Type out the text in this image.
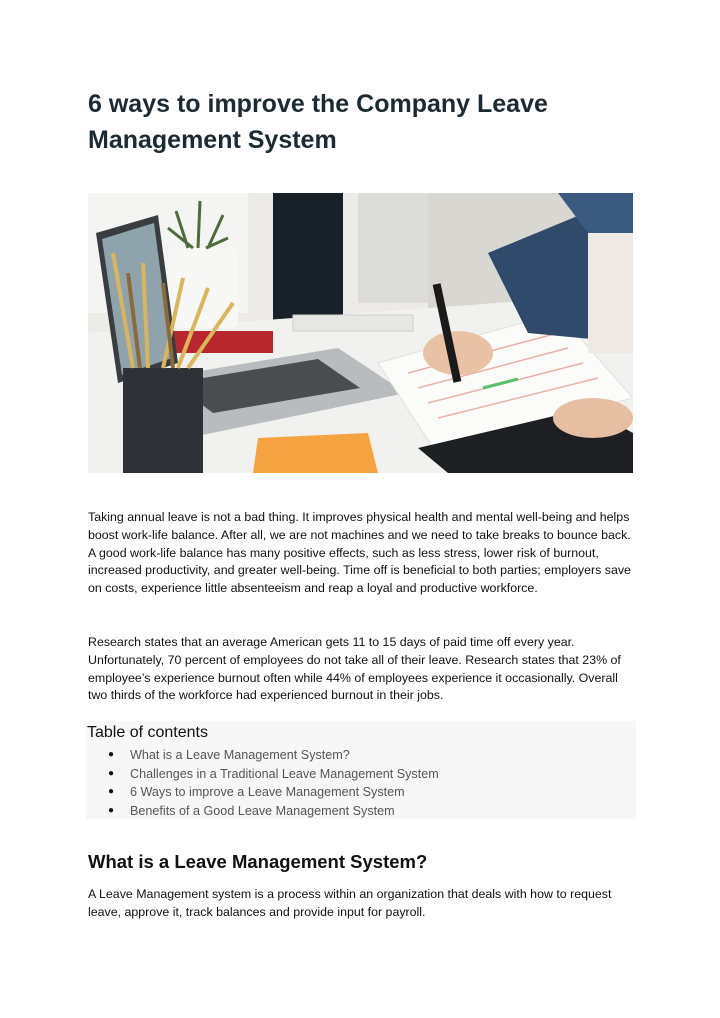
6 ways to improve the Company Leave Management System

Taking annual leave is not a bad thing. It improves physical health and mental well-being and helps boost work-life balance. After all, we are not machines and we need to take breaks to bounce back. A good work-life balance has many positive effects, such as less stress, lower risk of burnout, increased productivity, and greater well-being. Time off is beneficial to both parties; employers save on costs, experience little absenteeism and reap a loyal and productive workforce.

Research states that an average American gets 11 to 15 days of paid time off every year. Unfortunately, 70 percent of employees do not take all of their leave. Research states that 23% of employee’s experience burnout often while 44% of employees experience it occasionally. Overall two thirds of the workforce had experienced burnout in their jobs.

Table of contents
● What is a Leave Management System?
● Challenges in a Traditional Leave Management System
● 6 Ways to improve a Leave Management System
● Benefits of a Good Leave Management System
What is a Leave Management System?

A Leave Management system is a process within an organization that deals with how to request leave, approve it, track balances and provide input for payroll.
